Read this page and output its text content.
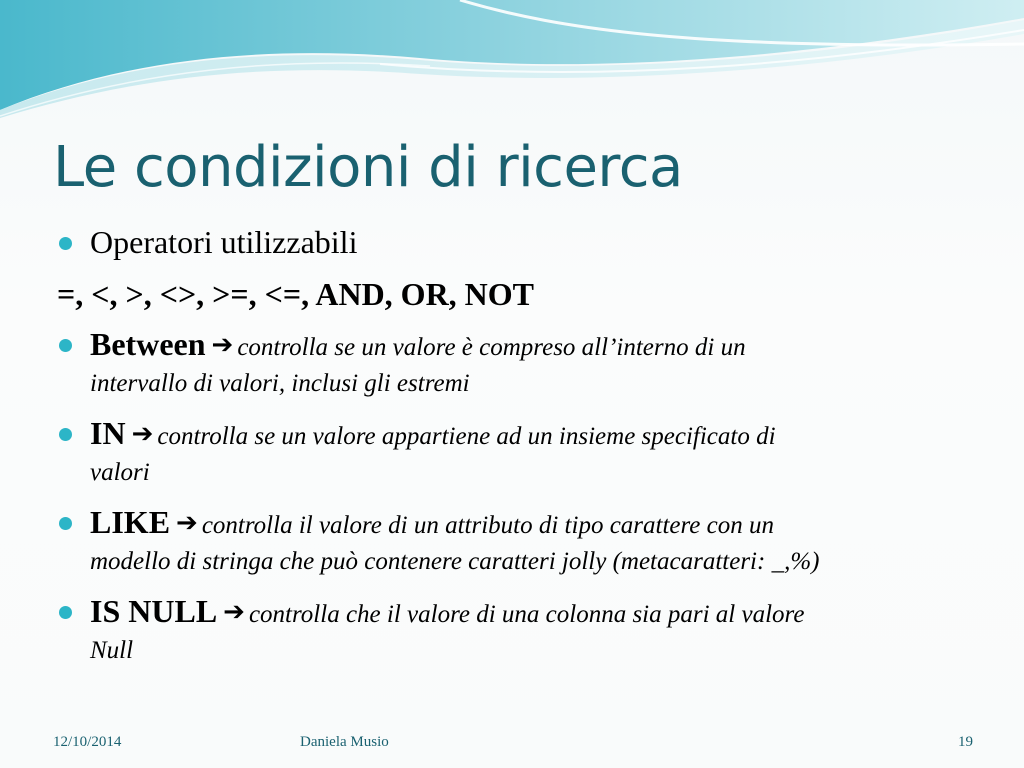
Le condizioni di ricerca

Operatori utilizzabili

=, <, >, <>, >=, <=, AND, OR, NOT

Between ➔ controlla se un valore è compreso all’interno di un
intervallo di valori, inclusi gli estremi
IN ➔ controlla se un valore appartiene ad un insieme specificato di
valori
LIKE ➔ controlla il valore di un attributo di tipo carattere con un
modello di stringa che può contenere caratteri jolly (metacaratteri: _,%)
IS NULL ➔ controlla che il valore di una colonna sia pari al valore
Null
12/10/2014	Daniela Musio	19
